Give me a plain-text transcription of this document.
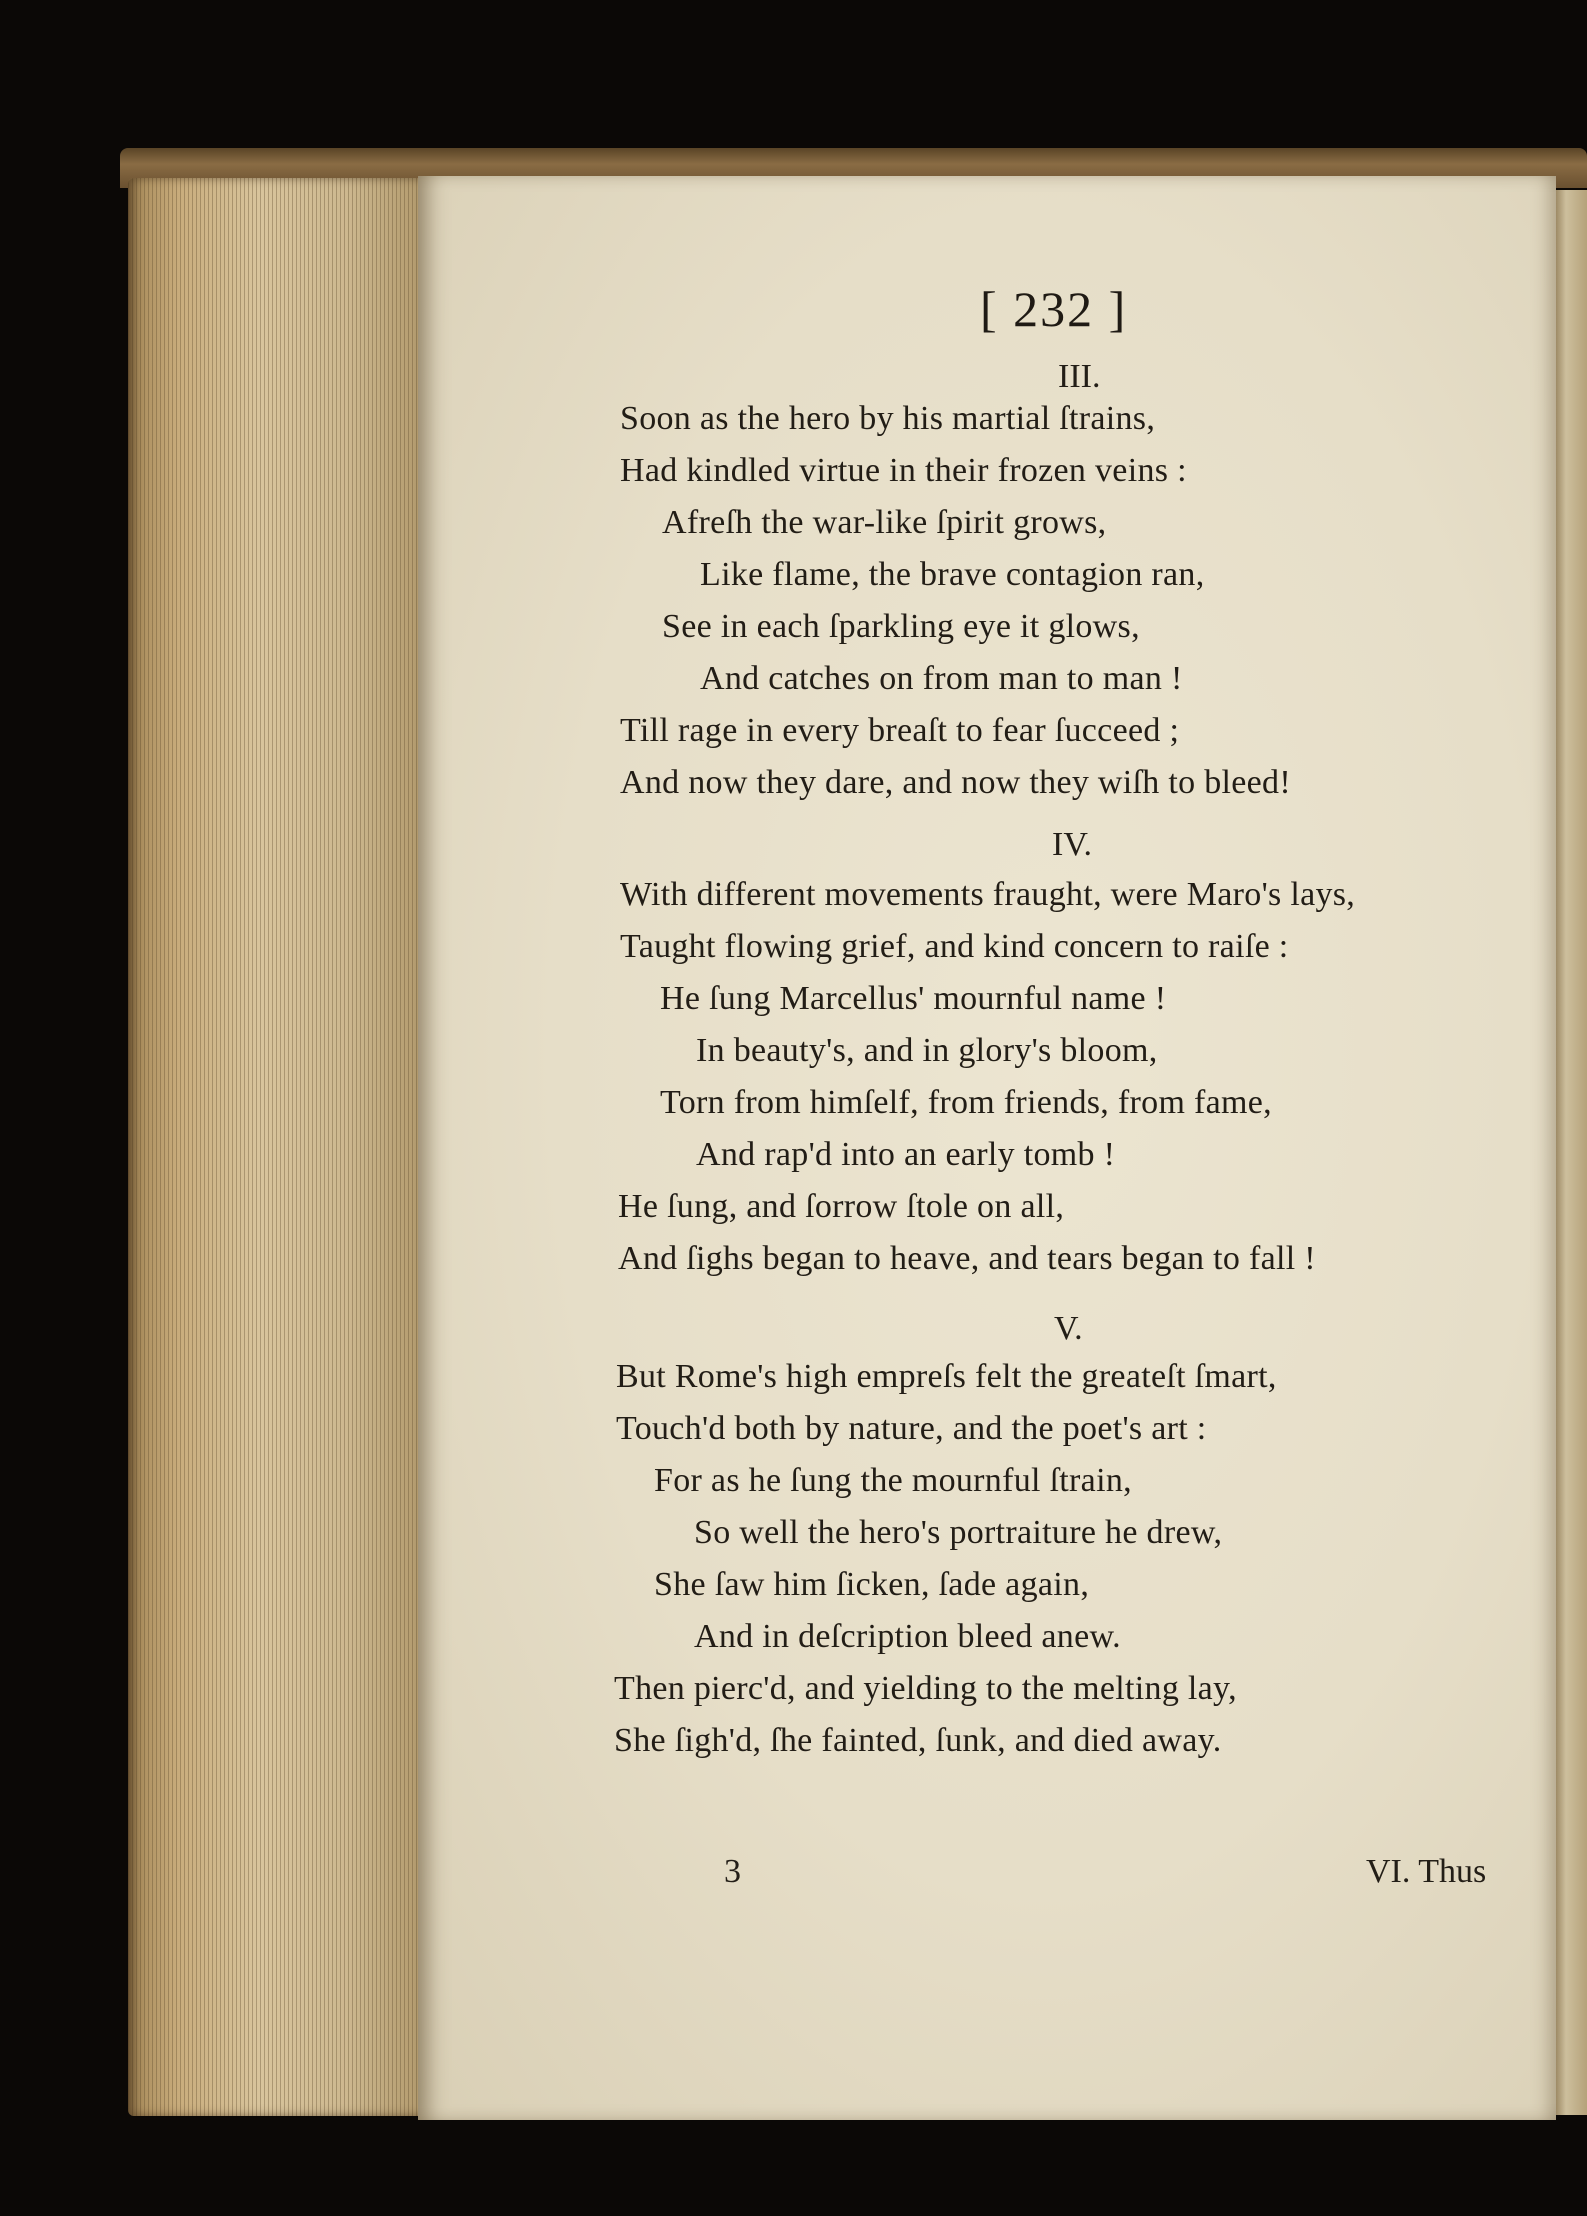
[ 232 ]
III.
Soon as the hero by his martial ſtrains,
Had kindled virtue in their frozen veins :
Afreſh the war-like ſpirit grows,
Like flame, the brave contagion ran,
See in each ſparkling eye it glows,
And catches on from man to man !
Till rage in every breaſt to fear ſucceed ;
And now they dare, and now they wiſh to bleed!
IV.
With different movements fraught, were Maro's lays,
Taught flowing grief, and kind concern to raiſe :
He ſung Marcellus' mournful name !
In beauty's, and in glory's bloom,
Torn from himſelf, from friends, from fame,
And rap'd into an early tomb !
He ſung, and ſorrow ſtole on all,
And ſighs began to heave, and tears began to fall !
V.
But Rome's high empreſs felt the greateſt ſmart,
Touch'd both by nature, and the poet's art :
For as he ſung the mournful ſtrain,
So well the hero's portraiture he drew,
She ſaw him ſicken, ſade again,
And in deſcription bleed anew.
Then pierc'd, and yielding to the melting lay,
She ſigh'd, ſhe fainted, ſunk, and died away.
3	VI. Thus
